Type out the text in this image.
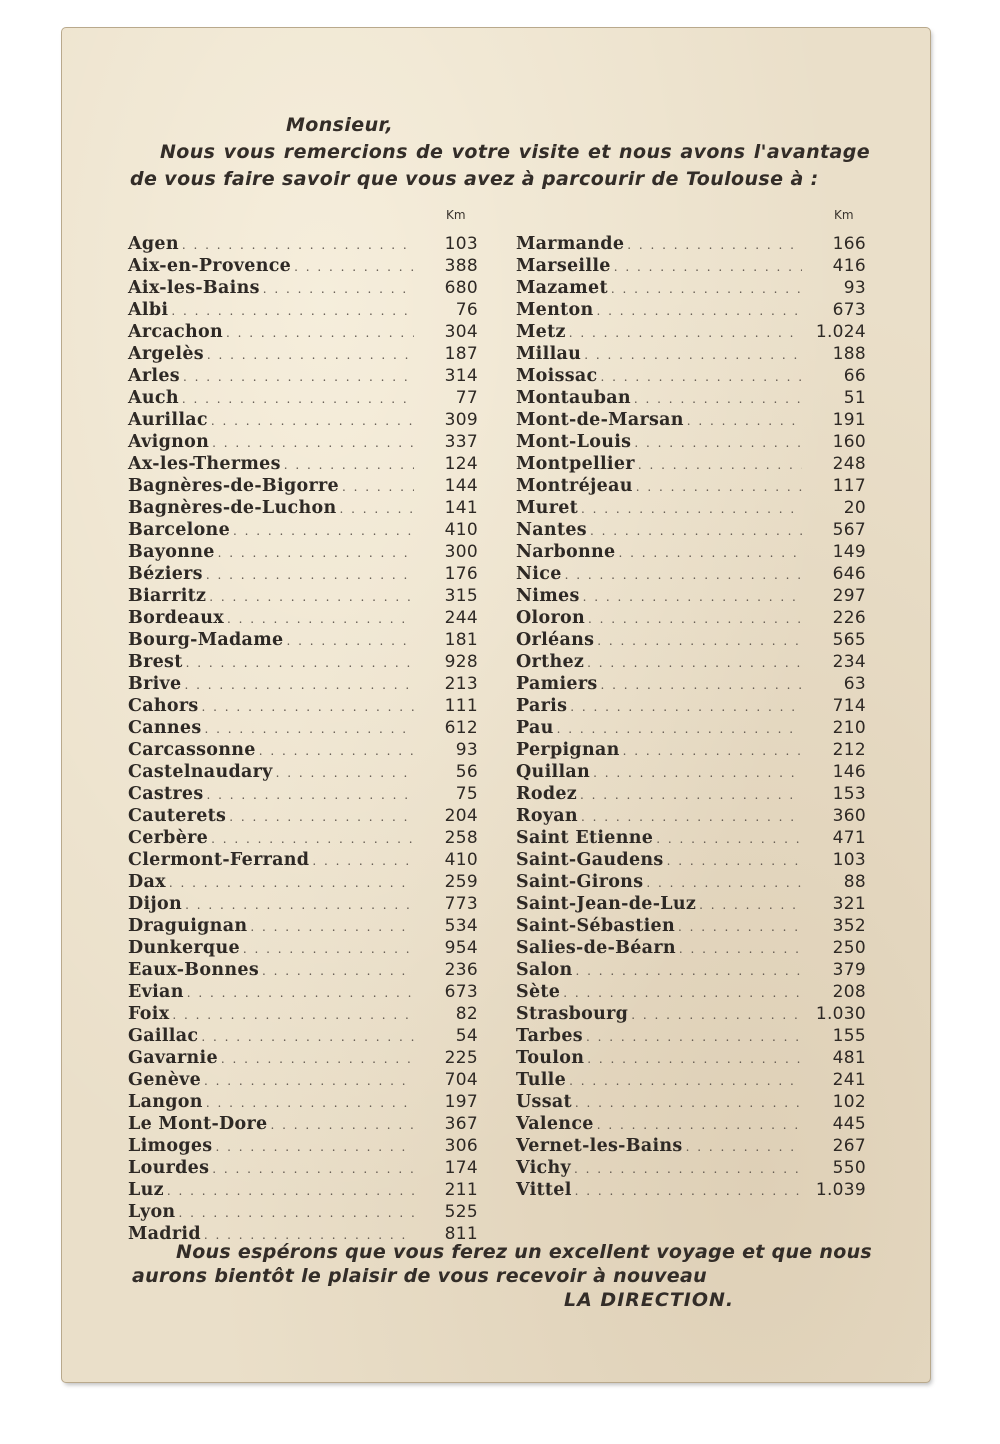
Monsieur,
Nous vous remercions de votre visite et nous avons l'avantage de vous faire savoir que vous avez à parcourir de Toulouse à :
Km	Km
Agen . . .	103
Aix-en-Provence . . .	388
Aix-les-Bains . . .	680
Albi . . .	76
Arcachon . . .	304
Argelès . . .	187
Arles . . .	314
Auch . . .	77
Aurillac . . .	309
Avignon . . .	337
Ax-les-Thermes . . .	124
Bagnères-de-Bigorre . . .	144
Bagnères-de-Luchon . . .	141
Barcelone . . .	410
Bayonne . . .	300
Béziers . . .	176
Biarritz . . .	315
Bordeaux . . .	244
Bourg-Madame . . .	181
Brest . . .	928
Brive . . .	213
Cahors . . .	111
Cannes . . .	612
Carcassonne . . .	93
Castelnaudary . . .	56
Castres . . .	75
Cauterets . . .	204
Cerbère . . .	258
Clermont-Ferrand . . .	410
Dax . . .	259
Dijon . . .	773
Draguignan . . .	534
Dunkerque . . .	954
Eaux-Bonnes . . .	236
Evian . . .	673
Foix . . .	82
Gaillac . . .	54
Gavarnie . . .	225
Genève . . .	704
Langon . . .	197
Le Mont-Dore . . .	367
Limoges . . .	306
Lourdes . . .	174
Luz . . .	211
Lyon . . .	525
Madrid . . .	811
Marmande . . .	166
Marseille . . .	416
Mazamet . . .	93
Menton . . .	673
Metz . . .	1.024
Millau . . .	188
Moissac . . .	66
Montauban . . .	51
Mont-de-Marsan . . .	191
Mont-Louis . . .	160
Montpellier . . .	248
Montréjeau . . .	117
Muret . . .	20
Nantes . . .	567
Narbonne . . .	149
Nice . . .	646
Nimes . . .	297
Oloron . . .	226
Orléans . . .	565
Orthez . . .	234
Pamiers . . .	63
Paris . . .	714
Pau . . .	210
Perpignan . . .	212
Quillan . . .	146
Rodez . . .	153
Royan . . .	360
Saint Etienne . . .	471
Saint-Gaudens . . .	103
Saint-Girons . . .	88
Saint-Jean-de-Luz . . .	321
Saint-Sébastien . . .	352
Salies-de-Béarn . . .	250
Salon . . .	379
Sète . . .	208
Strasbourg . . .	1.030
Tarbes . . .	155
Toulon . . .	481
Tulle . . .	241
Ussat . . .	102
Valence . . .	445
Vernet-les-Bains . . .	267
Vichy . . .	550
Vittel . . .	1.039
Nous espérons que vous ferez un excellent voyage et que nous aurons bientôt le plaisir de vous recevoir à nouveau
LA DIRECTION.
